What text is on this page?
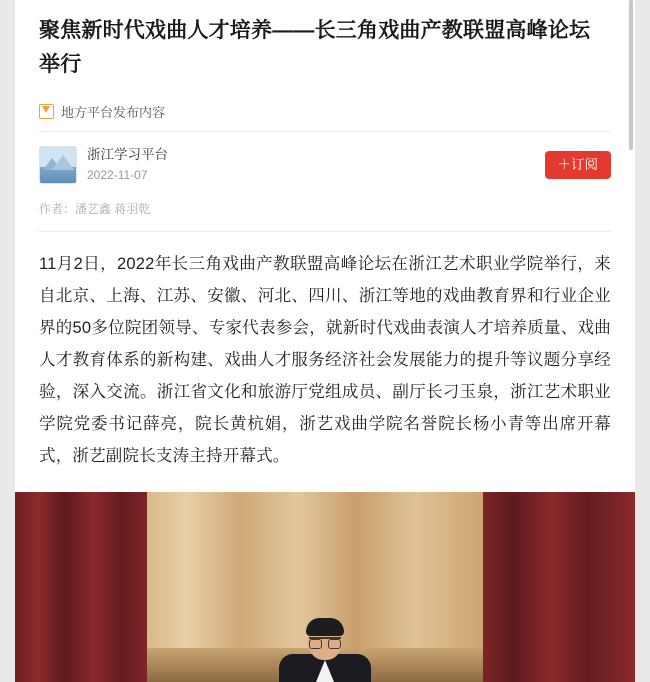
聚焦新时代戏曲人才培养——长三角戏曲产教联盟高峰论坛举行
地方平台发布内容
浙江学习平台
2022-11-07
＋订阅
作者：潘艺鑫 蒋羽乾

11月2日，2022年长三角戏曲产教联盟高峰论坛在浙江艺术职业学院举行，来自北京、上海、江苏、安徽、河北、四川、浙江等地的戏曲教育界和行业企业界的50多位院团领导、专家代表参会，就新时代戏曲表演人才培养质量、戏曲人才教育体系的新构建、戏曲人才服务经济社会发展能力的提升等议题分享经验，深入交流。浙江省文化和旅游厅党组成员、副厅长刁玉泉，浙江艺术职业学院党委书记薛亮，院长黄杭娟，浙艺戏曲学院名誉院长杨小青等出席开幕式，浙艺副院长支涛主持开幕式。
